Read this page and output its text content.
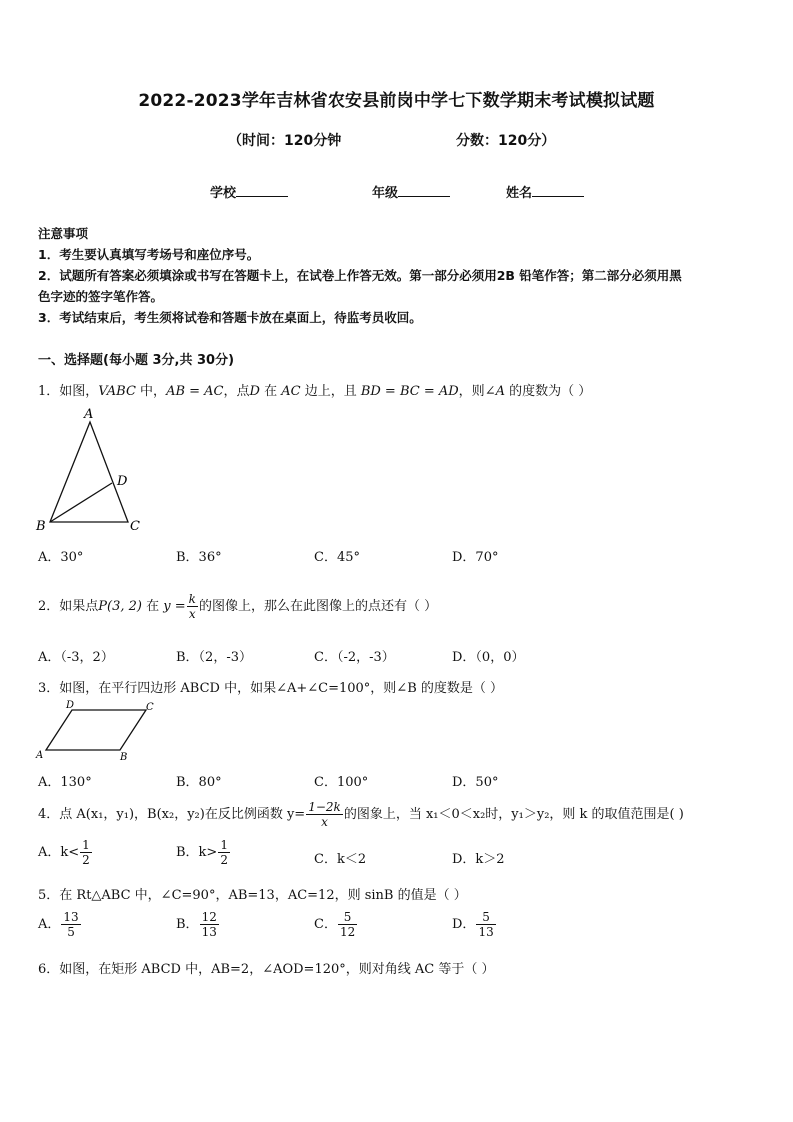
2022-2023学年吉林省农安县前岗中学七下数学期末考试模拟试题
（时间：120分钟	分数：120分）
学校	年级	姓名
注意事项
1．考生要认真填写考场号和座位序号。
2．试题所有答案必须填涂或书写在答题卡上，在试卷上作答无效。第一部分必须用2B 铅笔作答；第二部分必须用黑
色字迹的签字笔作答。
3．考试结束后，考生须将试卷和答题卡放在桌面上，待监考员收回。
一、选择题(每小题 3分,共 30分)
1．如图，VABC 中，AB = AC，点D 在 AC 边上，且 BD = BC = AD，则∠A 的度数为（ ）
A
B	C
D
A．30°	B．36°	C．45°	D．70°
2．如果点P(3, 2) 在 $y = \frac{k}{x}$ 的图像上，那么在此图像上的点还有（ ）
A．（-3，2）	B．（2，-3）	C．（-2，-3）	D．（0，0）
3．如图，在平行四边形 ABCD 中，如果∠A+∠C=100°，则∠B 的度数是（ ）
A	B
C
D
A．130°	B．80°	C．100°	D．50°
4．点 A(x₁，y₁)，B(x₂，y₂)在反比例函数 $y= \frac{1-2k}{x}$ 的图象上，当 x₁＜0＜x₂时，y₁＞y₂，则 k 的取值范围是( )
A．$k< \frac{1}{2}$	B．$k> \frac{1}{2}$	C．k＜2	D．k＞2
5．在 Rt△ABC 中，∠C=90°，AB=13，AC=12，则 sinB 的值是（ ）
A． $\frac{13}{5}$	B． $\frac{12}{13}$	C． $\frac{5}{12}$	D． $\frac{5}{13}$
6．如图，在矩形 ABCD 中，AB=2，∠AOD=120°，则对角线 AC 等于（ ）
